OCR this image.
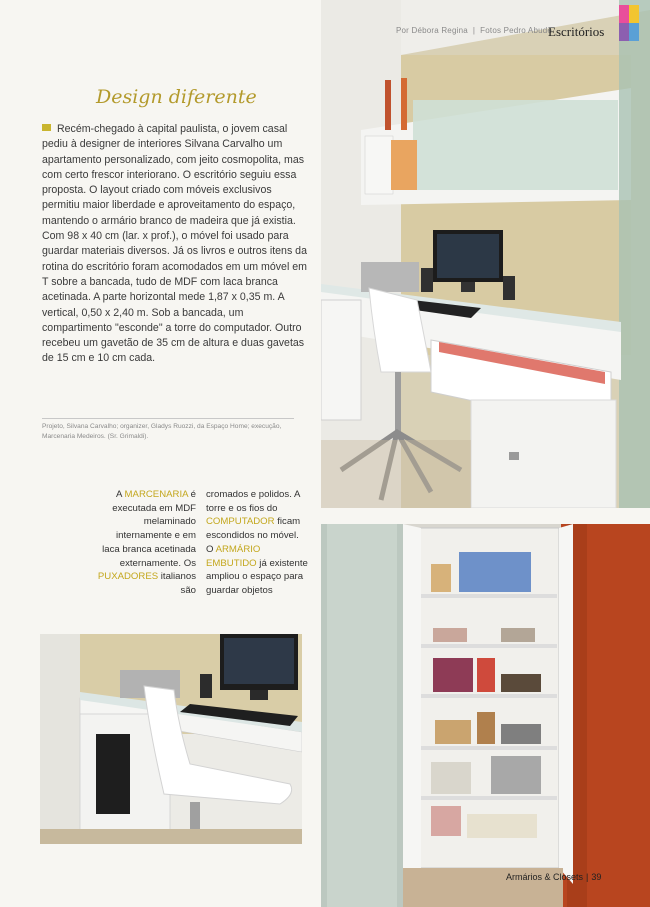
Por Débora Regina | Fotos Pedro Abude
Escritórios
Design diferente
Recém-chegado à capital paulista, o jovem casal pediu à designer de interiores Silvana Carvalho um apartamento personalizado, com jeito cosmopolita, mas com certo frescor interiorano. O escritório seguiu essa proposta. O layout criado com móveis exclusivos permitiu maior liberdade e aproveitamento do espaço, mantendo o armário branco de madeira que já existia. Com 98 x 40 cm (lar. x prof.), o móvel foi usado para guardar materiais diversos. Já os livros e outros itens da rotina do escritório foram acomodados em um móvel em T sobre a bancada, tudo de MDF com laca branca acetinada. A parte horizontal mede 1,87 x 0,35 m. A vertical, 0,50 x 2,40 m. Sob a bancada, um compartimento "esconde" a torre do computador. Outro recebeu um gavetão de 35 cm de altura e duas gavetas de 15 cm e 10 cm cada.
Projeto, Silvana Carvalho; organizer, Gladys Ruozzi, da Espaço Home; execução, Marcenaria Medeiros. (Sr. Grimaldi).
A MARCENARIA é executada em MDF melaminado internamente e em laca branca acetinada externamente. Os PUXADORES italianos são
cromados e polidos. A torre e os fios do COMPUTADOR ficam escondidos no móvel. O ARMÁRIO EMBUTIDO já existente ampliou o espaço para guardar objetos
Armários & Closets | 39
